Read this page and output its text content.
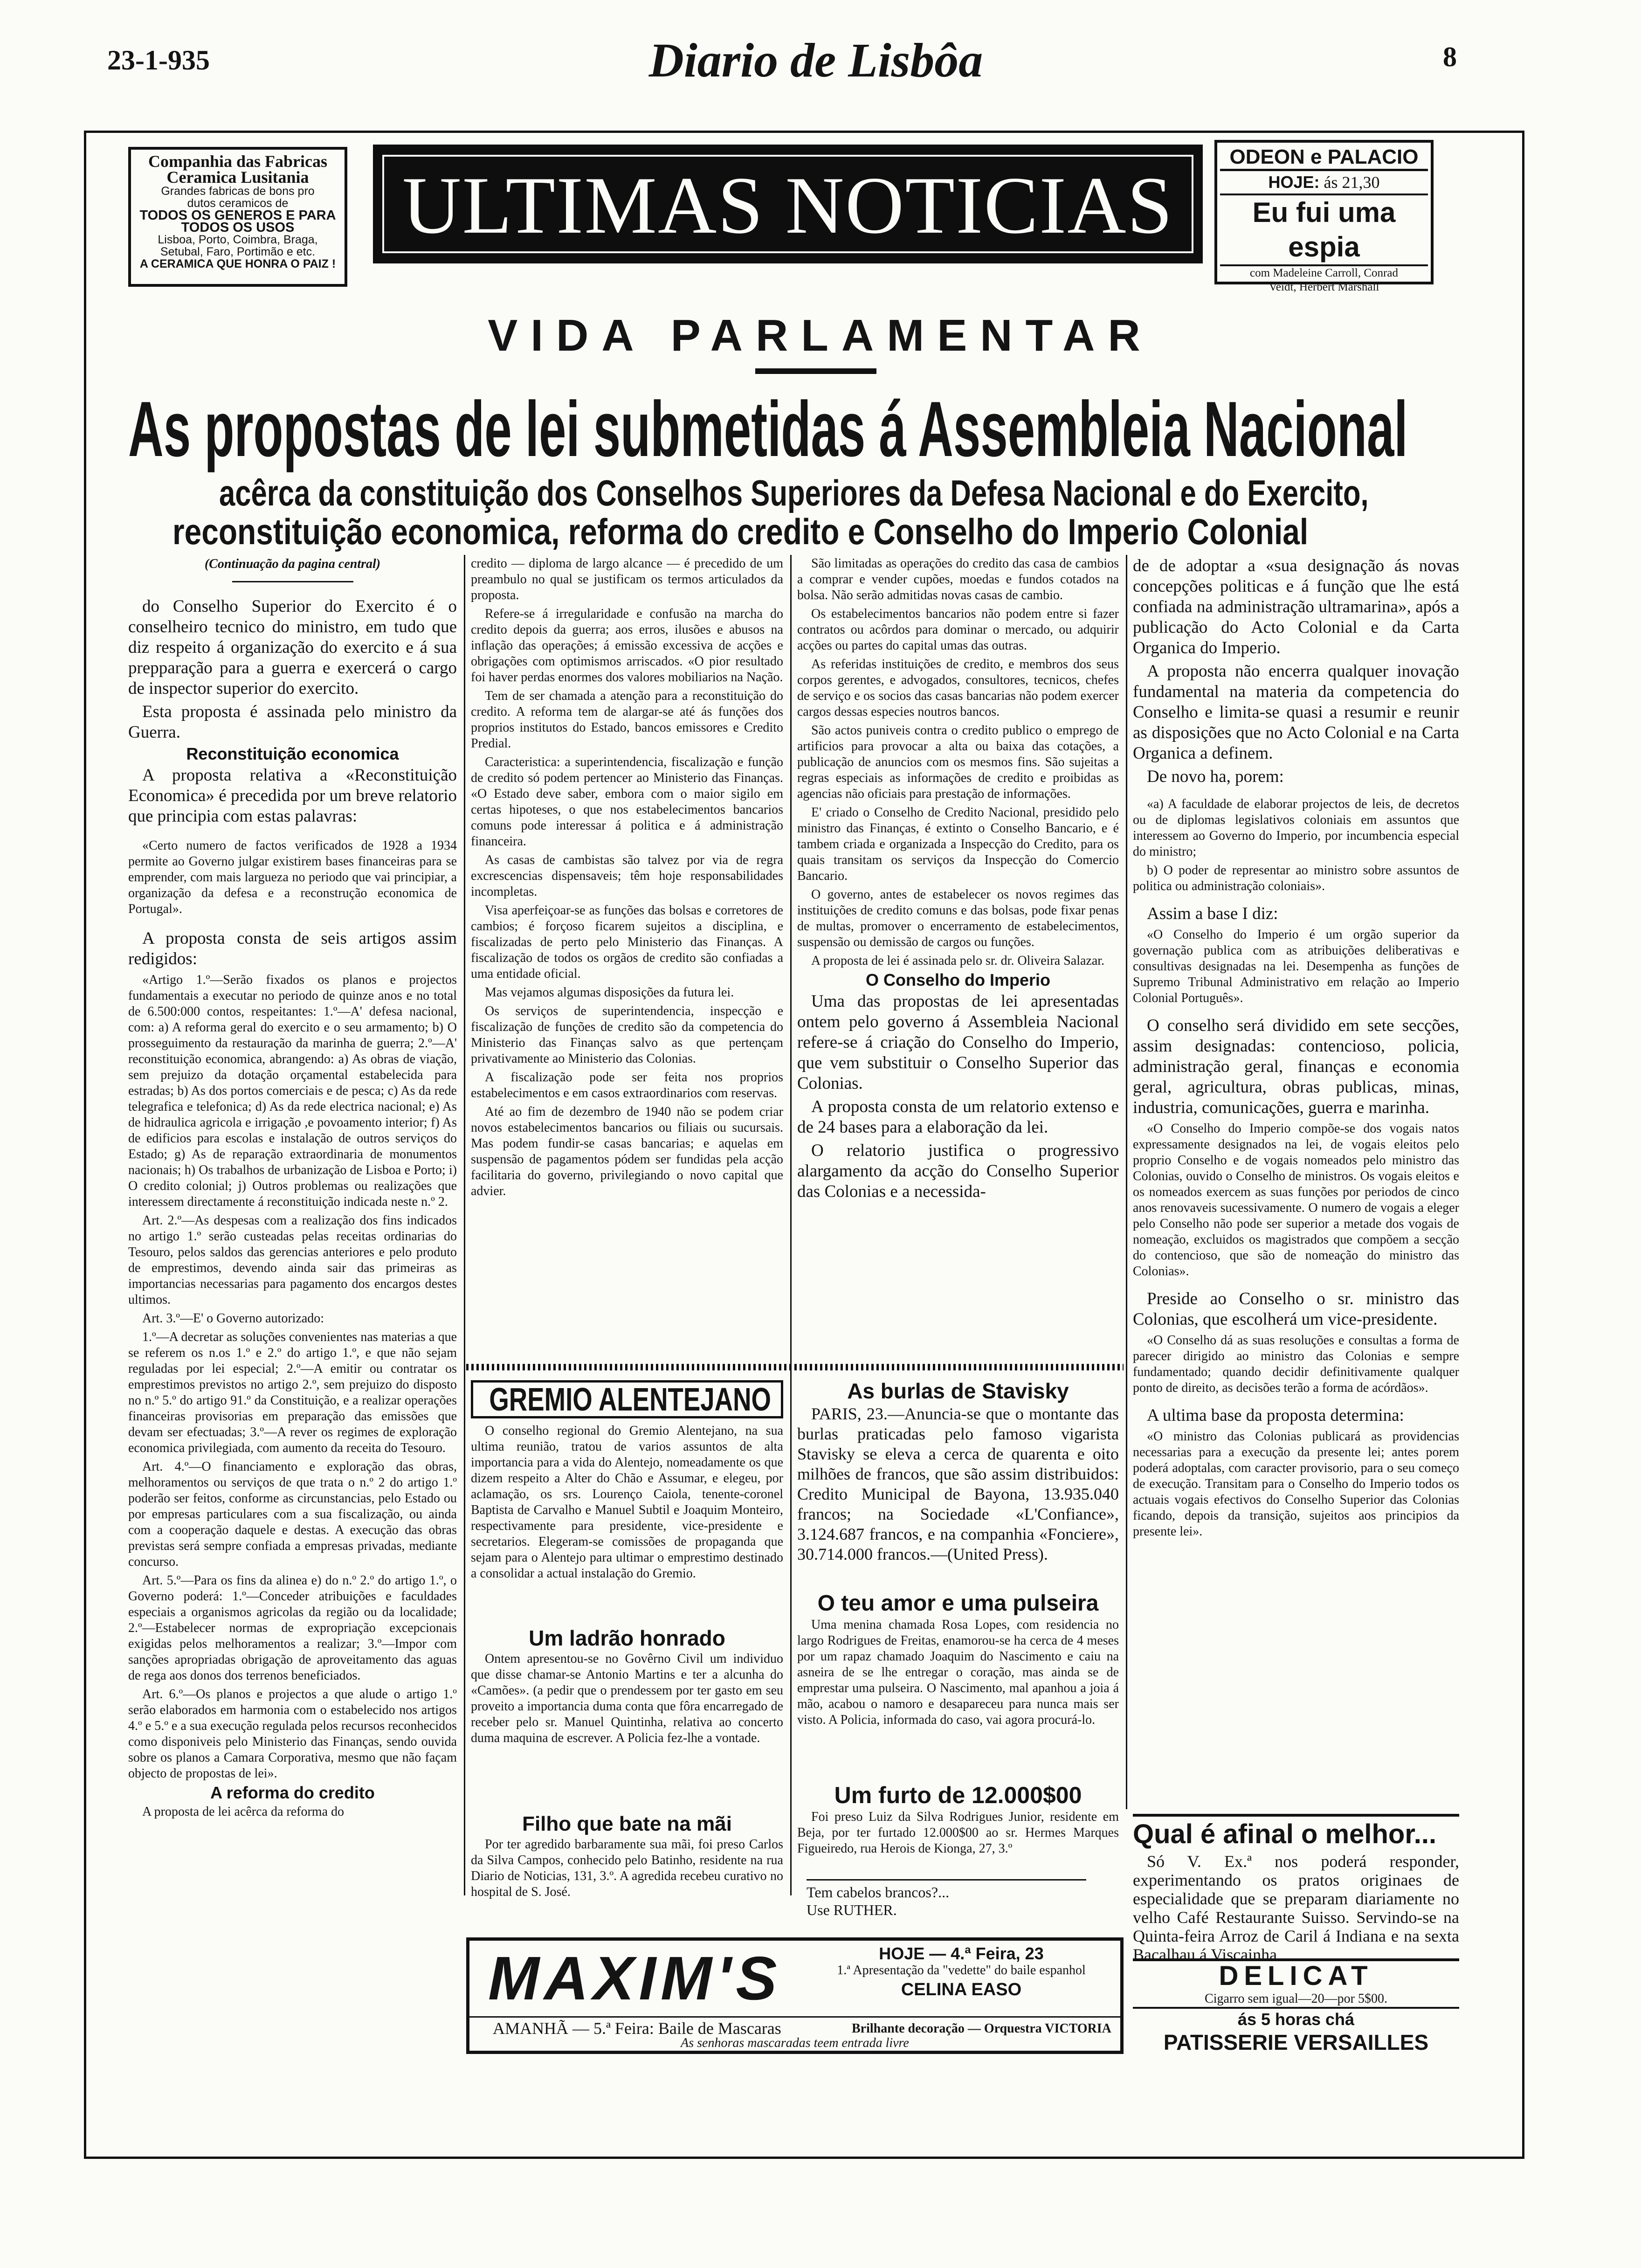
23-1-935	Diario de Lisbôa	8
Companhia das Fabricas Ceramica Lusitania
Grandes fabricas de bons pro
dutos ceramicos de
TODOS OS GENEROS E PARA
TODOS OS USOS
Lisboa, Porto, Coimbra, Braga,
Setubal, Faro, Portimão e etc.
A CERAMICA QUE HONRA O PAIZ !
ULTIMAS NOTICIAS
ODEON e PALACIO
HOJE: ás 21,30
Eu fui uma espia
com Madeleine Carroll, Conrad
Veidt, Herbert Marshall
VIDA PARLAMENTAR
As propostas de lei submetidas á Assembleia Nacional
acêrca da constituição dos Conselhos Superiores da Defesa Nacional e do Exercito,
reconstituição economica, reforma do credito e Conselho do Imperio Colonial
(Continuação da pagina central)

do Conselho Superior do Exercito é o conselheiro tecnico do ministro, em tudo que diz respeito á organização do exercito e á sua prepparação para a guerra e exercerá o cargo de inspector superior do exercito.

Esta proposta é assinada pelo ministro da Guerra.

Reconstituição economica

A proposta relativa a «Reconstituição Economica» é precedida por um breve relatorio que principia com estas palavras:

«Certo numero de factos verificados de 1928 a 1934 permite ao Governo julgar existirem bases financeiras para se emprender, com mais largueza no periodo que vai principiar, a organização da defesa e a reconstrução economica de Portugal».

A proposta consta de seis artigos assim redigidos:

«Artigo 1.º—Serão fixados os planos e projectos fundamentais a executar no periodo de quinze anos e no total de 6.500:000 contos, respeitantes: 1.º—A' defesa nacional, com: a) A reforma geral do exercito e o seu armamento; b) O prosseguimento da restauração da marinha de guerra; 2.º—A' reconstituição economica, abrangendo: a) As obras de viação, sem prejuizo da dotação orçamental estabelecida para estradas; b) As dos portos comerciais e de pesca; c) As da rede telegrafica e telefonica; d) As da rede electrica nacional; e) As de hidraulica agricola e irrigação ,e povoamento interior; f) As de edificios para escolas e instalação de outros serviços do Estado; g) As de reparação extraordinaria de monumentos nacionais; h) Os trabalhos de urbanização de Lisboa e Porto; i) O credito colonial; j) Outros problemas ou realizações que interessem directamente á reconstituição indicada neste n.º 2.

Art. 2.º—As despesas com a realização dos fins indicados no artigo 1.º serão custeadas pelas receitas ordinarias do Tesouro, pelos saldos das gerencias anteriores e pelo produto de emprestimos, devendo ainda sair das primeiras as importancias necessarias para pagamento dos encargos destes ultimos.

Art. 3.º—E' o Governo autorizado:

1.º—A decretar as soluções convenientes nas materias a que se referem os n.os 1.º e 2.º do artigo 1.º, e que não sejam reguladas por lei especial; 2.º—A emitir ou contratar os emprestimos previstos no artigo 2.º, sem prejuizo do disposto no n.º 5.º do artigo 91.º da Constituição, e a realizar operações financeiras provisorias em preparação das emissões que devam ser efectuadas; 3.º—A rever os regimes de exploração economica privilegiada, com aumento da receita do Tesouro.

Art. 4.º—O financiamento e exploração das obras, melhoramentos ou serviços de que trata o n.º 2 do artigo 1.º poderão ser feitos, conforme as circunstancias, pelo Estado ou por empresas particulares com a sua fiscalização, ou ainda com a cooperação daquele e destas. A execução das obras previstas será sempre confiada a empresas privadas, mediante concurso.

Art. 5.º—Para os fins da alinea e) do n.º 2.º do artigo 1.º, o Governo poderá: 1.º—Conceder atribuições e faculdades especiais a organismos agricolas da região ou da localidade; 2.º—Estabelecer normas de expropriação excepcionais exigidas pelos melhoramentos a realizar; 3.º—Impor com sanções apropriadas obrigação de aproveitamento das aguas de rega aos donos dos terrenos beneficiados.

Art. 6.º—Os planos e projectos a que alude o artigo 1.º serão elaborados em harmonia com o estabelecido nos artigos 4.º e 5.º e a sua execução regulada pelos recursos reconhecidos como disponiveis pelo Ministerio das Finanças, sendo ouvida sobre os planos a Camara Corporativa, mesmo que não façam objecto de propostas de lei».

A reforma do credito

A proposta de lei acêrca da reforma do

credito — diploma de largo alcance — é precedido de um preambulo no qual se justificam os termos articulados da proposta.

Refere-se á irregularidade e confusão na marcha do credito depois da guerra; aos erros, ilusões e abusos na inflação das operações; á emissão excessiva de acções e obrigações com optimismos arriscados. «O pior resultado foi haver perdas enormes dos valores mobiliarios na Nação.

Tem de ser chamada a atenção para a reconstituição do credito. A reforma tem de alargar-se até ás funções dos proprios institutos do Estado, bancos emissores e Credito Predial.

Caracteristica: a superintendencia, fiscalização e função de credito só podem pertencer ao Ministerio das Finanças. «O Estado deve saber, embora com o maior sigilo em certas hipoteses, o que nos estabelecimentos bancarios comuns pode interessar á politica e á administração financeira.

As casas de cambistas são talvez por via de regra excrescencias dispensaveis; têm hoje responsabilidades incompletas.

Visa aperfeiçoar-se as funções das bolsas e corretores de cambios; é forçoso ficarem sujeitos a disciplina, e fiscalizadas de perto pelo Ministerio das Finanças. A fiscalização de todos os orgãos de credito são confiadas a uma entidade oficial.

Mas vejamos algumas disposições da futura lei.

Os serviços de superintendencia, inspecção e fiscalização de funções de credito são da competencia do Ministerio das Finanças salvo as que pertençam privativamente ao Ministerio das Colonias.

A fiscalização pode ser feita nos proprios estabelecimentos e em casos extraordinarios com reservas.

Até ao fim de dezembro de 1940 não se podem criar novos estabelecimentos bancarios ou filiais ou sucursais. Mas podem fundir-se casas bancarias; e aquelas em suspensão de pagamentos pódem ser fundidas pela acção facilitaria do governo, privilegiando o novo capital que advier.

São limitadas as operações do credito das casa de cambios a comprar e vender cupões, moedas e fundos cotados na bolsa. Não serão admitidas novas casas de cambio.

Os estabelecimentos bancarios não podem entre si fazer contratos ou acôrdos para dominar o mercado, ou adquirir acções ou partes do capital umas das outras.

As referidas instituições de credito, e membros dos seus corpos gerentes, e advogados, consultores, tecnicos, chefes de serviço e os socios das casas bancarias não podem exercer cargos dessas especies noutros bancos.

São actos puniveis contra o credito publico o emprego de artificios para provocar a alta ou baixa das cotações, a publicação de anuncios com os mesmos fins. São sujeitas a regras especiais as informações de credito e proibidas as agencias não oficiais para prestação de informações.

E' criado o Conselho de Credito Nacional, presidido pelo ministro das Finanças, é extinto o Conselho Bancario, e é tambem criada e organizada a Inspecção do Credito, para os quais transitam os serviços da Inspecção do Comercio Bancario.

O governo, antes de estabelecer os novos regimes das instituições de credito comuns e das bolsas, pode fixar penas de multas, promover o encerramento de estabelecimentos, suspensão ou demissão de cargos ou funções.

A proposta de lei é assinada pelo sr. dr. Oliveira Salazar.

O Conselho do Imperio

Uma das propostas de lei apresentadas ontem pelo governo á Assembleia Nacional refere-se á criação do Conselho do Imperio, que vem substituir o Conselho Superior das Colonias.

A proposta consta de um relatorio extenso e de 24 bases para a elaboração da lei.

O relatorio justifica o progressivo alargamento da acção do Conselho Superior das Colonias e a necessida-

de de adoptar a «sua designação ás novas concepções politicas e á função que lhe está confiada na administração ultramarina», após a publicação do Acto Colonial e da Carta Organica do Imperio.

A proposta não encerra qualquer inovação fundamental na materia da competencia do Conselho e limita-se quasi a resumir e reunir as disposições que no Acto Colonial e na Carta Organica a definem.

De novo ha, porem:

«a) A faculdade de elaborar projectos de leis, de decretos ou de diplomas legislativos coloniais em assuntos que interessem ao Governo do Imperio, por incumbencia especial do ministro;

b) O poder de representar ao ministro sobre assuntos de politica ou administração coloniais».

Assim a base I diz:

«O Conselho do Imperio é um orgão superior da governação publica com as atribuições deliberativas e consultivas designadas na lei. Desempenha as funções de Supremo Tribunal Administrativo em relação ao Imperio Colonial Português».

O conselho será dividido em sete secções, assim designadas: contencioso, policia, administração geral, finanças e economia geral, agricultura, obras publicas, minas, industria, comunicações, guerra e marinha.

«O Conselho do Imperio compõe-se dos vogais natos expressamente designados na lei, de vogais eleitos pelo proprio Conselho e de vogais nomeados pelo ministro das Colonias, ouvido o Conselho de ministros. Os vogais eleitos e os nomeados exercem as suas funções por periodos de cinco anos renovaveis sucessivamente. O numero de vogais a eleger pelo Conselho não pode ser superior a metade dos vogais de nomeação, excluidos os magistrados que compõem a secção do contencioso, que são de nomeação do ministro das Colonias».

Preside ao Conselho o sr. ministro das Colonias, que escolherá um vice-presidente.

«O Conselho dá as suas resoluções e consultas a forma de parecer dirigido ao ministro das Colonias e sempre fundamentado; quando decidir definitivamente qualquer ponto de direito, as decisões terão a forma de acórdãos».

A ultima base da proposta determina:

«O ministro das Colonias publicará as providencias necessarias para a execução da presente lei; antes porem poderá adoptalas, com caracter provisorio, para o seu começo de execução. Transitam para o Conselho do Imperio todos os actuais vogais efectivos do Conselho Superior das Colonias ficando, depois da transição, sujeitos aos principios da presente lei».

GREMIO ALENTEJANO
O conselho regional do Gremio Alentejano, na sua ultima reunião, tratou de varios assuntos de alta importancia para a vida do Alentejo, nomeadamente os que dizem respeito a Alter do Chão e Assumar, e elegeu, por aclamação, os srs. Lourenço Caiola, tenente-coronel Baptista de Carvalho e Manuel Subtil e Joaquim Monteiro, respectivamente para presidente, vice-presidente e secretarios. Elegeram-se comissões de propaganda que sejam para o Alentejo para ultimar o emprestimo destinado a consolidar a actual instalação do Gremio.
Um ladrão honrado
Ontem apresentou-se no Govêrno Civil um individuo que disse chamar-se Antonio Martins e ter a alcunha do «Camões». (a pedir que o prendessem por ter gasto em seu proveito a importancia duma conta que fôra encarregado de receber pelo sr. Manuel Quintinha, relativa ao concerto duma maquina de escrever. A Policia fez-lhe a vontade.
Filho que bate na mãi
Por ter agredido barbaramente sua mãi, foi preso Carlos da Silva Campos, conhecido pelo Batinho, residente na rua Diario de Noticias, 131, 3.º. A agredida recebeu curativo no hospital de S. José.
As burlas de Stavisky
PARIS, 23.—Anuncia-se que o montante das burlas praticadas pelo famoso vigarista Stavisky se eleva a cerca de quarenta e oito milhões de francos, que são assim distribuidos: Credito Municipal de Bayona, 13.935.040 francos; na Sociedade «L'Confiance», 3.124.687 francos, e na companhia «Fonciere», 30.714.000 francos.—(United Press).
O teu amor e uma pulseira
Uma menina chamada Rosa Lopes, com residencia no largo Rodrigues de Freitas, enamorou-se ha cerca de 4 meses por um rapaz chamado Joaquim do Nascimento e caiu na asneira de se lhe entregar o coração, mas ainda se de emprestar uma pulseira. O Nascimento, mal apanhou a joia á mão, acabou o namoro e desapareceu para nunca mais ser visto. A Policia, informada do caso, vai agora procurá-lo.
Um furto de 12.000$00
Foi preso Luiz da Silva Rodrigues Junior, residente em Beja, por ter furtado 12.000$00 ao sr. Hermes Marques Figueiredo, rua Herois de Kionga, 27, 3.º
Tem cabelos brancos?...
Use RUTHER.
Qual é afinal o melhor...
Só V. Ex.ª nos poderá responder, experimentando os pratos originaes de especialidade que se preparam diariamente no velho Café Restaurante Suisso. Servindo-se na Quinta-feira Arroz de Caril á Indiana e na sexta Bacalhau á Viscainha.
MAXIM'S	HOJE — 4.ª Feira, 23
1.ª Apresentação da "vedette" do baile espanhol
CELINA EASO
AMANHÃ — 5.ª Feira: Baile de Mascaras	Brilhante decoração — Orquestra VICTORIA
As senhoras mascaradas teem entrada livre
DELICAT
Cigarro sem igual—20—por 5$00.
ás 5 horas chá
PATISSERIE VERSAILLES
